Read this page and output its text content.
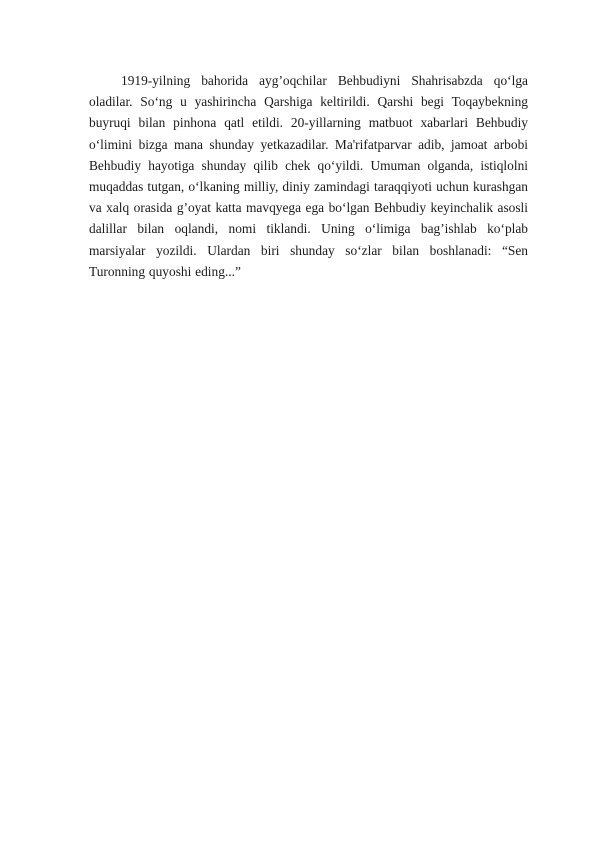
1919-yilning bahorida ayg’oqchilar Behbudiyni Shahrisabzda qo‘lga oladilar. So‘ng u yashirincha Qarshiga keltirildi. Qarshi begi Toqaybekning buyruqi bilan pinhona qatl etildi. 20-yillarning matbuot xabarlari Behbudiy o‘limini bizga mana shunday yetkazadilar. Ma'rifatparvar adib, jamoat arbobi Behbudiy hayotiga shunday qilib chek qo‘yildi. Umuman olganda, istiqlolni muqaddas tutgan, o‘lkaning milliy, diniy zamindagi taraqqiyoti uchun kurashgan va xalq orasida g’oyat katta mavqyega ega bo‘lgan Behbudiy keyinchalik asosli dalillar bilan oqlandi, nomi tiklandi. Uning o‘limiga bag’ishlab ko‘plab marsiyalar yozildi. Ulardan biri shunday so‘zlar bilan boshlanadi: “Sen Turonning quyoshi eding...”
